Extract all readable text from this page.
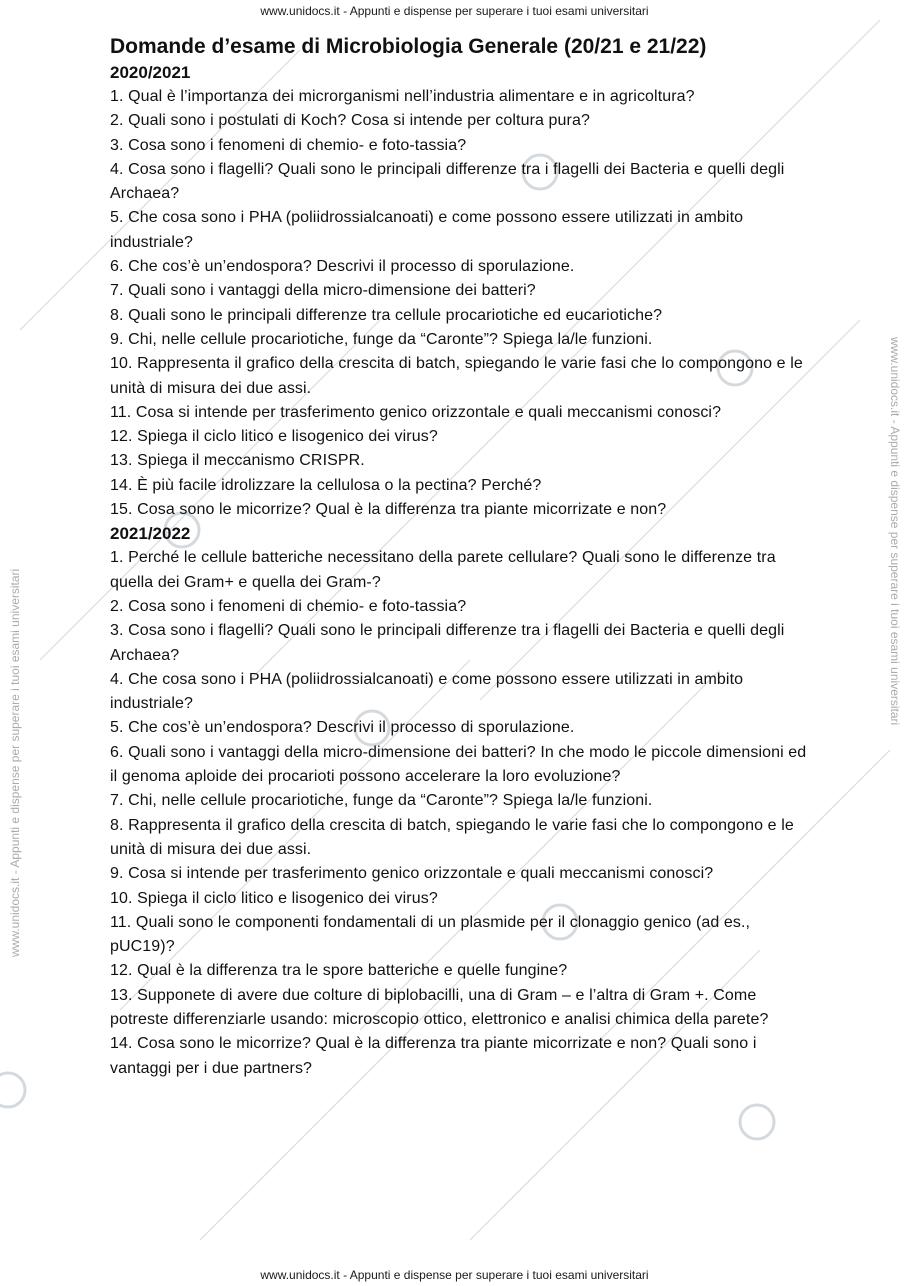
www.unidocs.it - Appunti e dispense per superare i tuoi esami universitari
www.unidocs.it - Appunti e dispense per superare i tuoi esami universitari
www.unidocs.it - Appunti e dispense per superare i tuoi esami universitari
www.unidocs.it - Appunti e dispense per superare i tuoi esami universitari
Domande d’esame di Microbiologia Generale (20/21 e 21/22)
2020/2021
1. Qual è l’importanza dei microrganismi nell’industria alimentare e in agricoltura?
2. Quali sono i postulati di Koch? Cosa si intende per coltura pura?
3. Cosa sono i fenomeni di chemio- e foto-tassia?
4. Cosa sono i flagelli? Quali sono le principali differenze tra i flagelli dei Bacteria e quelli degli Archaea?
5. Che cosa sono i PHA (poliidrossialcanoati) e come possono essere utilizzati in ambito industriale?
6. Che cos’è un’endospora? Descrivi il processo di sporulazione.
7. Quali sono i vantaggi della micro-dimensione dei batteri?
8. Quali sono le principali differenze tra cellule procariotiche ed eucariotiche?
9. Chi, nelle cellule procariotiche, funge da “Caronte”? Spiega la/le funzioni.
10. Rappresenta il grafico della crescita di batch, spiegando le varie fasi che lo compongono e le unità di misura dei due assi.
11. Cosa si intende per trasferimento genico orizzontale e quali meccanismi conosci?
12. Spiega il ciclo litico e lisogenico dei virus?
13. Spiega il meccanismo CRISPR.
14. È più facile idrolizzare la cellulosa o la pectina? Perché?
15. Cosa sono le micorrize? Qual è la differenza tra piante micorrizate e non?
2021/2022
1. Perché le cellule batteriche necessitano della parete cellulare? Quali sono le differenze tra quella dei Gram+ e quella dei Gram-?
2. Cosa sono i fenomeni di chemio- e foto-tassia?
3. Cosa sono i flagelli? Quali sono le principali differenze tra i flagelli dei Bacteria e quelli degli Archaea?
4. Che cosa sono i PHA (poliidrossialcanoati) e come possono essere utilizzati in ambito industriale?
5. Che cos’è un’endospora? Descrivi il processo di sporulazione.
6. Quali sono i vantaggi della micro-dimensione dei batteri? In che modo le piccole dimensioni ed il genoma aploide dei procarioti possono accelerare la loro evoluzione?
7. Chi, nelle cellule procariotiche, funge da “Caronte”? Spiega la/le funzioni.
8. Rappresenta il grafico della crescita di batch, spiegando le varie fasi che lo compongono e le unità di misura dei due assi.
9. Cosa si intende per trasferimento genico orizzontale e quali meccanismi conosci?
10. Spiega il ciclo litico e lisogenico dei virus?
11. Quali sono le componenti fondamentali di un plasmide per il clonaggio genico (ad es., pUC19)?
12. Qual è la differenza tra le spore batteriche e quelle fungine?
13. Supponete di avere due colture di biplobacilli, una di Gram – e l’altra di Gram +. Come potreste differenziarle usando: microscopio ottico, elettronico e analisi chimica della parete?
14. Cosa sono le micorrize? Qual è la differenza tra piante micorrizate e non? Quali sono i vantaggi per i due partners?
